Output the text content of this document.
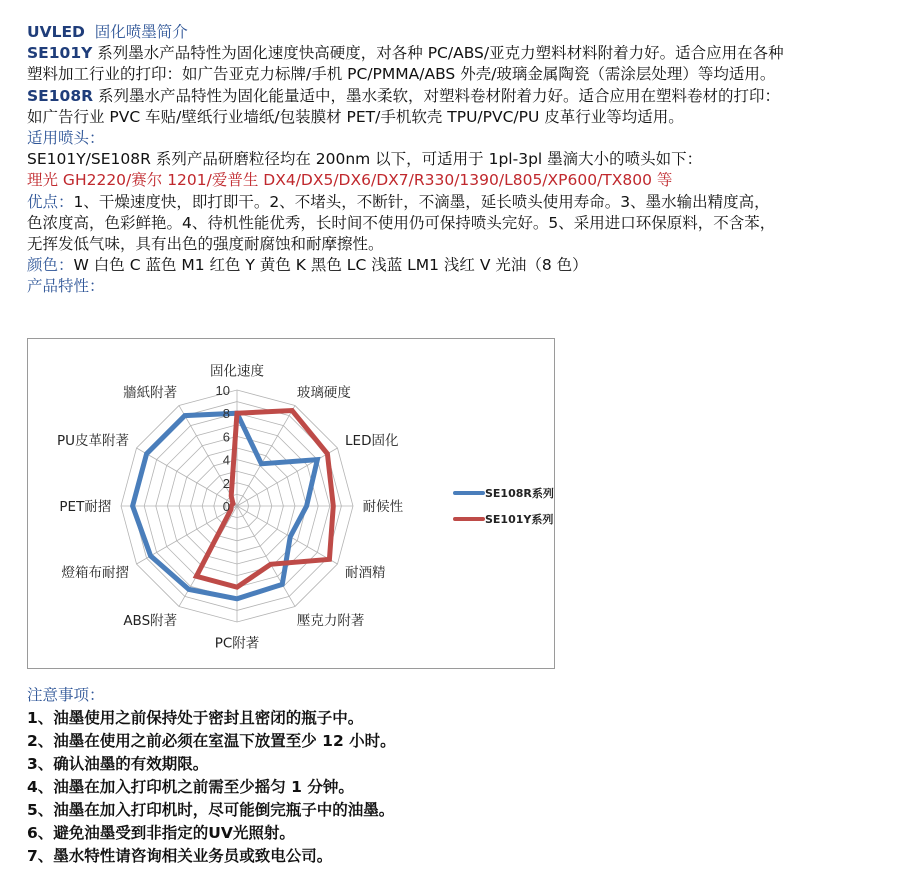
UVLED 固化喷墨简介
SE101Y 系列墨水产品特性为固化速度快高硬度，对各种 PC/ABS/亚克力塑料材料附着力好。适合应用在各种
塑料加工行业的打印：如广告亚克力标牌/手机 PC/PMMA/ABS 外壳/玻璃金属陶瓷（需涂层处理）等均适用。
SE108R 系列墨水产品特性为固化能量适中，墨水柔软，对塑料卷材附着力好。适合应用在塑料卷材的打印：
如广告行业 PVC 车贴/壁纸行业墙纸/包装膜材 PET/手机软壳 TPU/PVC/PU 皮革行业等均适用。
适用喷头：
SE101Y/SE108R 系列产品研磨粒径均在 200nm 以下，可适用于 1pl-3pl 墨滴大小的喷头如下：
理光 GH2220/赛尔 1201/爱普生 DX4/DX5/DX6/DX7/R330/1390/L805/XP600/TX800 等
优点：1、干燥速度快，即打即干。2、不堵头，不断针，不滴墨，延长喷头使用寿命。3、墨水输出精度高，
色浓度高，色彩鲜艳。4、待机性能优秀，长时间不使用仍可保持喷头完好。5、采用进口环保原料，不含苯，
无挥发低气味，具有出色的强度耐腐蚀和耐摩擦性。
颜色：W 白色 C 蓝色 M1 红色 Y 黄色 K 黑色 LC 浅蓝 LM1 浅红 V 光油（8 色）
产品特性：
0
2
4
6
8
10
固化速度
玻璃硬度
LED固化
耐候性
耐酒精
壓克力附著
PC附著
ABS附著
燈箱布耐摺
PET耐摺
PU皮革附著
牆紙附著
SE108R系列
SE101Y系列
注意事项：
1、油墨使用之前保持处于密封且密闭的瓶子中。
2、油墨在使用之前必须在室温下放置至少 12 小时。
3、确认油墨的有效期限。
4、油墨在加入打印机之前需至少摇匀 1 分钟。
5、油墨在加入打印机时，尽可能倒完瓶子中的油墨。
6、避免油墨受到非指定的UV光照射。
7、墨水特性请咨询相关业务员或致电公司。
